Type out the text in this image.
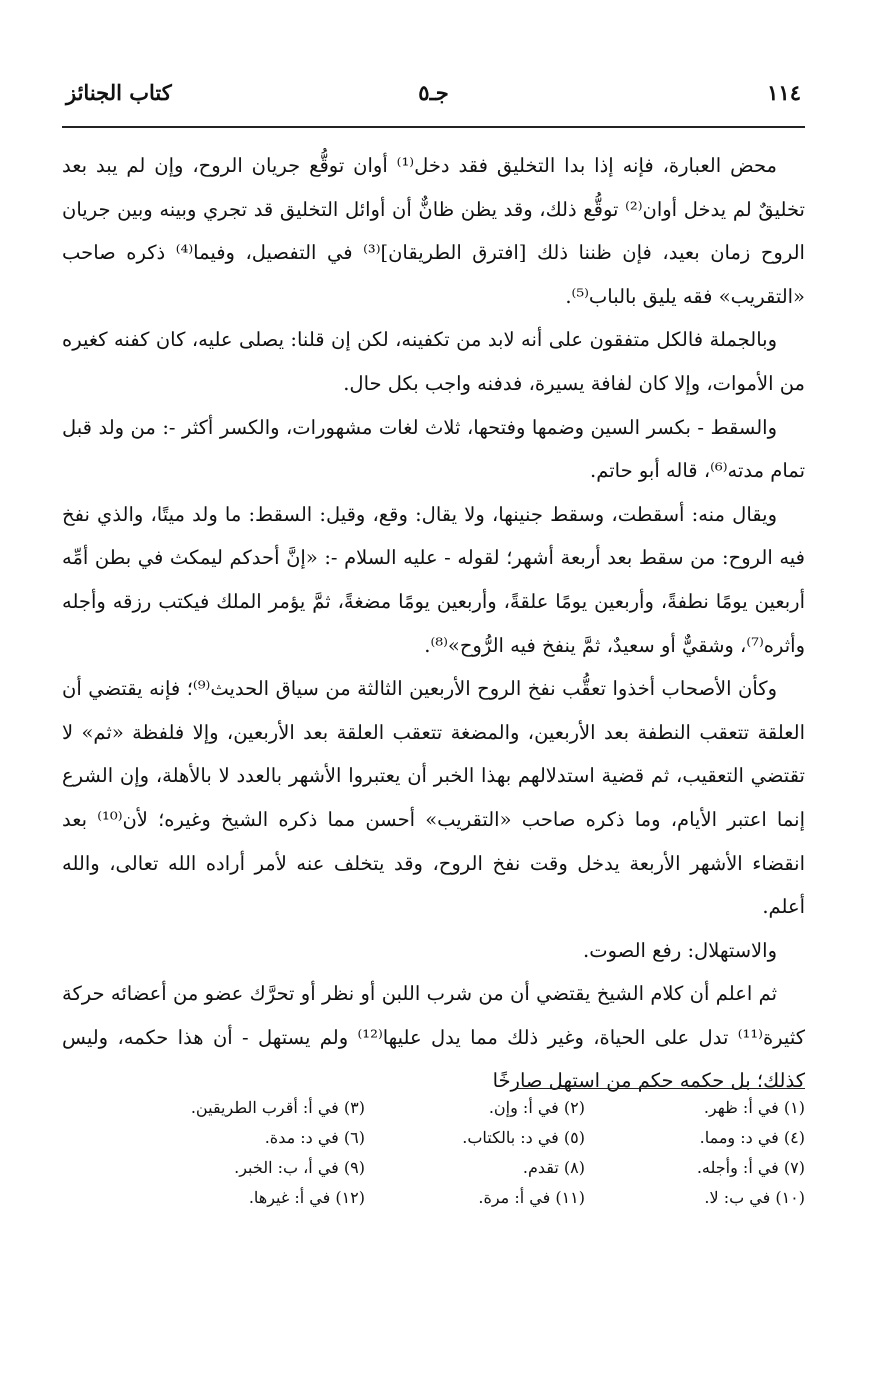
١١٤
جـ٥
كتاب الجنائز

محض العبارة، فإنه إذا بدا التخليق فقد دخل⁽¹⁾ أوان توقُّع جريان الروح، وإن لم يبد بعد تخليقٌ لم يدخل أوان⁽²⁾ توقُّع ذلك، وقد يظن ظانٌّ أن أوائل التخليق قد تجري وبينه وبين جريان الروح زمان بعيد، فإن ظننا ذلك [افترق الطريقان]⁽³⁾ في التفصيل، وفيما⁽⁴⁾ ذكره صاحب «التقريب» فقه يليق بالباب⁽⁵⁾.

وبالجملة فالكل متفقون على أنه لابد من تكفينه، لكن إن قلنا: يصلى عليه، كان كفنه كغيره من الأموات، وإلا كان لفافة يسيرة، فدفنه واجب بكل حال.

والسقط - بكسر السين وضمها وفتحها، ثلاث لغات مشهورات، والكسر أكثر -: من ولد قبل تمام مدته⁽⁶⁾، قاله أبو حاتم.

ويقال منه: أسقطت، وسقط جنينها، ولا يقال: وقع، وقيل: السقط: ما ولد ميتًا، والذي نفخ فيه الروح: من سقط بعد أربعة أشهر؛ لقوله - عليه السلام -: «إنَّ أحدكم ليمكث في بطن أمِّه أربعين يومًا نطفةً، وأربعين يومًا علقةً، وأربعين يومًا مضغةً، ثمَّ يؤمر الملك فيكتب رزقه وأجله وأثره⁽⁷⁾، وشقيٌّ أو سعيدٌ، ثمَّ ينفخ فيه الرُّوح»⁽⁸⁾.

وكأن الأصحاب أخذوا تعقُّب نفخ الروح الأربعين الثالثة من سياق الحديث⁽⁹⁾؛ فإنه يقتضي أن العلقة تتعقب النطفة بعد الأربعين، والمضغة تتعقب العلقة بعد الأربعين، وإلا فلفظة «ثم» لا تقتضي التعقيب، ثم قضية استدلالهم بهذا الخبر أن يعتبروا الأشهر بالعدد لا بالأهلة، وإن الشرع إنما اعتبر الأيام، وما ذكره صاحب «التقريب» أحسن مما ذكره الشيخ وغيره؛ لأن⁽¹⁰⁾ بعد انقضاء الأشهر الأربعة يدخل وقت نفخ الروح، وقد يتخلف عنه لأمر أراده الله تعالى، والله أعلم.

والاستهلال: رفع الصوت.

ثم اعلم أن كلام الشيخ يقتضي أن من شرب اللبن أو نظر أو تحرَّك عضو من أعضائه حركة كثيرة⁽¹¹⁾ تدل على الحياة، وغير ذلك مما يدل عليها⁽¹²⁾ ولم يستهل - أن هذا حكمه، وليس كذلك؛ بل حكمه حكم من استهل صارخًا

(١) في أ: ظهر.
(٢) في أ: وإن.
(٣) في أ: أقرب الطريقين.
(٤) في د: ومما.
(٥) في د: بالكتاب.
(٦) في د: مدة.
(٧) في أ: وأجله.
(٨) تقدم.
(٩) في أ، ب: الخبر.
(١٠) في ب: لا.
(١١) في أ: مرة.
(١٢) في أ: غيرها.
